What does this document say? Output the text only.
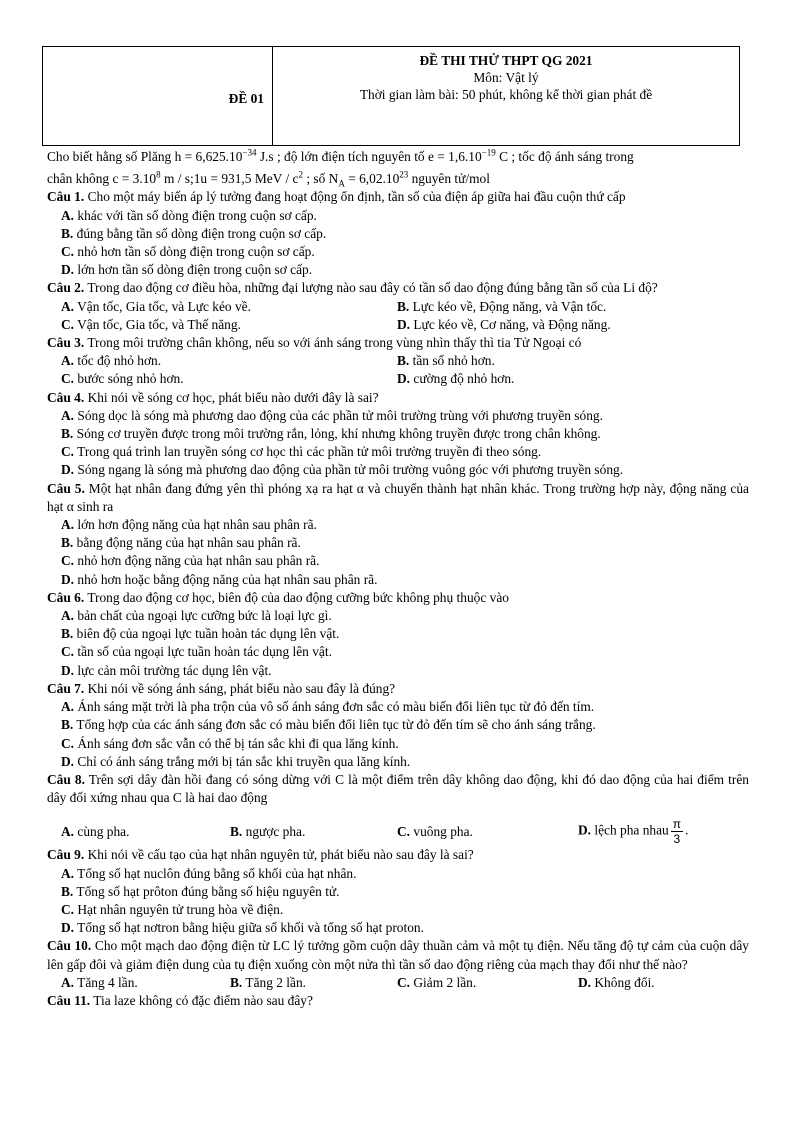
ĐỀ 01
ĐỀ THI THỬ THPT QG 2021
Môn: Vật lý
Thời gian làm bài: 50 phút, không kể thời gian phát đề
Cho biết hằng số Plăng $h = 6,625.10^{-34}$ J.s ; độ lớn điện tích nguyên tố $e = 1,6.10^{-19}$ C ; tốc độ ánh sáng trong
chân không $c = 3.10^8$ m / s;1u = 931,5 MeV / $c^2$ ; số $N_A = 6,02.10^{23}$ nguyên tử/mol
Câu 1. Cho một máy biến áp lý tưởng đang hoạt động ổn định, tần số của điện áp giữa hai đầu cuộn thứ cấp
A. khác với tần số dòng điện trong cuộn sơ cấp.
B. đúng bằng tần số dòng điện trong cuộn sơ cấp.
C. nhỏ hơn tần số dòng điện trong cuộn sơ cấp.
D. lớn hơn tần số dòng điện trong cuộn sơ cấp.
Câu 2. Trong dao động cơ điều hòa, những đại lượng nào sau đây có tần số dao động đúng bằng tần số của Li độ?
A. Vận tốc, Gia tốc, và Lực kéo về.	B. Lực kéo về, Động năng, và Vận tốc.
C. Vận tốc, Gia tốc, và Thế năng.	D. Lực kéo về, Cơ năng, và Động năng.
Câu 3. Trong môi trường chân không, nếu so với ánh sáng trong vùng nhìn thấy thì tia Tử Ngoại có
A. tốc độ nhỏ hơn.	B. tần số nhỏ hơn.
C. bước sóng nhỏ hơn.	D. cường độ nhỏ hơn.
Câu 4. Khi nói về sóng cơ học, phát biểu nào dưới đây là sai?
A. Sóng dọc là sóng mà phương dao động của các phần tử môi trường trùng với phương truyền sóng.
B. Sóng cơ truyền được trong môi trường rắn, lỏng, khí nhưng không truyền được trong chân không.
C. Trong quá trình lan truyền sóng cơ học thì các phần tử môi trường truyền đi theo sóng.
D. Sóng ngang là sóng mà phương dao động của phần tử môi trường vuông góc với phương truyền sóng.
Câu 5. Một hạt nhân đang đứng yên thì phóng xạ ra hạt α và chuyển thành hạt nhân khác. Trong trường hợp này, động năng của hạt α sinh ra
A. lớn hơn động năng của hạt nhân sau phân rã.
B. bằng động năng của hạt nhân sau phân rã.
C. nhỏ hơn động năng của hạt nhân sau phân rã.
D. nhỏ hơn hoặc bằng động năng của hạt nhân sau phân rã.
Câu 6. Trong dao động cơ học, biên độ của dao động cưỡng bức không phụ thuộc vào
A. bản chất của ngoại lực cưỡng bức là loại lực gì.
B. biên độ của ngoại lực tuần hoàn tác dụng lên vật.
C. tần số của ngoại lực tuần hoàn tác dụng lên vật.
D. lực cản môi trường tác dụng lên vật.
Câu 7. Khi nói về sóng ánh sáng, phát biểu nào sau đây là đúng?
A. Ánh sáng mặt trời là pha trộn của vô số ánh sáng đơn sắc có màu biến đổi liên tục từ đỏ đến tím.
B. Tổng hợp của các ánh sáng đơn sắc có màu biến đổi liên tục từ đỏ đến tím sẽ cho ánh sáng trắng.
C. Ánh sáng đơn sắc vẫn có thể bị tán sắc khi đi qua lăng kính.
D. Chỉ có ánh sáng trắng mới bị tán sắc khi truyền qua lăng kính.
Câu 8. Trên sợi dây đàn hồi đang có sóng dừng với C là một điểm trên dây không dao động, khi đó dao động của hai điểm trên dây đối xứng nhau qua C là hai dao động
A. cùng pha.	B. ngược pha.	C. vuông pha.	D. lệch pha nhau $\frac{\pi}{3}$ .
Câu 9. Khi nói về cấu tạo của hạt nhân nguyên tử, phát biểu nào sau đây là sai?
A. Tổng số hạt nuclôn đúng bằng số khối của hạt nhân.
B. Tổng số hạt prôton đúng bằng số hiệu nguyên tử.
C. Hạt nhân nguyên tử trung hòa về điện.
D. Tổng số hạt nơtron bằng hiệu giữa số khối và tổng số hạt proton.
Câu 10. Cho một mạch dao động điện từ LC lý tưởng gồm cuộn dây thuần cảm và một tụ điện. Nếu tăng độ tự cảm của cuộn dây lên gấp đôi và giảm điện dung của tụ điện xuống còn một nửa thì tần số dao động riêng của mạch thay đổi như thế nào?
A. Tăng 4 lần.	B. Tăng 2 lần.	C. Giảm 2 lần.	D. Không đổi.
Câu 11. Tia laze không có đặc điểm nào sau đây?
